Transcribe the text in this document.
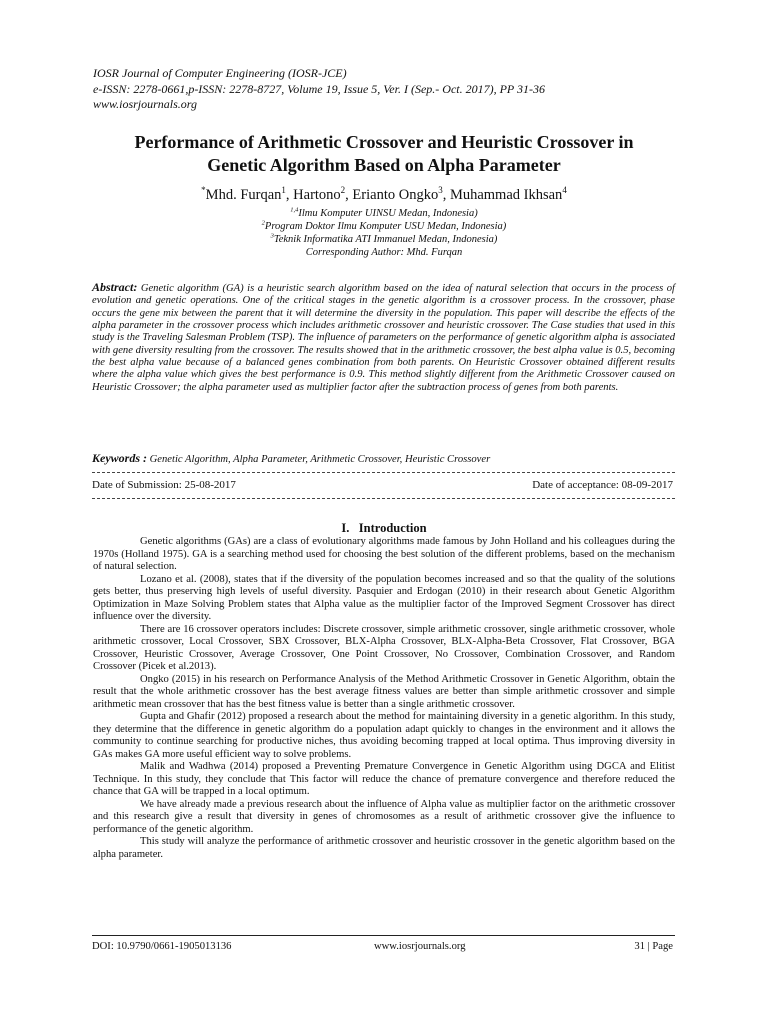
IOSR Journal of Computer Engineering (IOSR-JCE)
e-ISSN: 2278-0661,p-ISSN: 2278-8727, Volume 19, Issue 5, Ver. I (Sep.- Oct. 2017), PP 31-36
www.iosrjournals.org
Performance of Arithmetic Crossover and Heuristic Crossover in
Genetic Algorithm Based on Alpha Parameter
*Mhd. Furqan$^1$, Hartono$^2$, Erianto Ongko$^3$, Muhammad Ikhsan$^4$
$^{1,4}$Ilmu Komputer UINSU Medan, Indonesia)
$^2$Program Doktor Ilmu Komputer USU Medan, Indonesia)
$^3$Teknik Informatika ATI Immanuel Medan, Indonesia)
Corresponding Author: Mhd. Furqan
Abstract: Genetic algorithm (GA) is a heuristic search algorithm based on the idea of natural selection that occurs in the process of evolution and genetic operations. One of the critical stages in the genetic algorithm is a crossover process. In the crossover, phase occurs the gene mix between the parent that it will determine the diversity in the population. This paper will describe the effects of the alpha parameter in the crossover process which includes arithmetic crossover and heuristic crossover. The Case studies that used in this study is the Traveling Salesman Problem (TSP). The influence of parameters on the performance of genetic algorithm alpha is associated with gene diversity resulting from the crossover. The results showed that in the arithmetic crossover, the best alpha value is 0.5, becoming the best alpha value because of a balanced genes combination from both parents. On Heuristic Crossover obtained different results where the alpha value which gives the best performance is 0.9. This method slightly different from the Arithmetic Crossover caused on Heuristic Crossover; the alpha parameter used as multiplier factor after the subtraction process of genes from both parents.
Keywords : Genetic Algorithm, Alpha Parameter, Arithmetic Crossover, Heuristic Crossover
Date of Submission: 25-08-2017	Date of acceptance: 08-09-2017
I. Introduction

Genetic algorithms (GAs) are a class of evolutionary algorithms made famous by John Holland and his colleagues during the 1970s (Holland 1975). GA is a searching method used for choosing the best solution of the different problems, based on the mechanism of natural selection.

Lozano et al. (2008), states that if the diversity of the population becomes increased and so that the quality of the solutions gets better, thus preserving high levels of useful diversity. Pasquier and Erdogan (2010) in their research about Genetic Algorithm Optimization in Maze Solving Problem states that Alpha value as the multiplier factor of the Improved Segment Crossover has direct influence over the diversity.

There are 16 crossover operators includes: Discrete crossover, simple arithmetic crossover, single arithmetic crossover, whole arithmetic crossover, Local Crossover, SBX Crossover, BLX-Alpha Crossover, BLX-Alpha-Beta Crossover, Flat Crossover, BGA Crossover, Heuristic Crossover, Average Crossover, One Point Crossover, No Crossover, Combination Crossover, and Random Crossover (Picek et al.2013).

Ongko (2015) in his research on Performance Analysis of the Method Arithmetic Crossover in Genetic Algorithm, obtain the result that the whole arithmetic crossover has the best average fitness values are better than simple arithmetic crossover and simple arithmetic mean crossover that has the best fitness value is better than a single arithmetic crossover.

Gupta and Ghafir (2012) proposed a research about the method for maintaining diversity in a genetic algorithm. In this study, they determine that the difference in genetic algorithm do a population adapt quickly to changes in the environment and it allows the community to continue searching for productive niches, thus avoiding becoming trapped at local optima. Thus improving diversity in GAs makes GA more useful efficient way to solve problems.

Malik and Wadhwa (2014) proposed a Preventing Premature Convergence in Genetic Algorithm using DGCA and Elitist Technique. In this study, they conclude that This factor will reduce the chance of premature convergence and therefore reduced the chance that GA will be trapped in a local optimum.

We have already made a previous research about the influence of Alpha value as multiplier factor on the arithmetic crossover and this research give a result that diversity in genes of chromosomes as a result of arithmetic crossover give the influence to performance of the genetic algorithm.

This study will analyze the performance of arithmetic crossover and heuristic crossover in the genetic algorithm based on the alpha parameter.

DOI: 10.9790/0661-1905013136	www.iosrjournals.org	31 | Page
